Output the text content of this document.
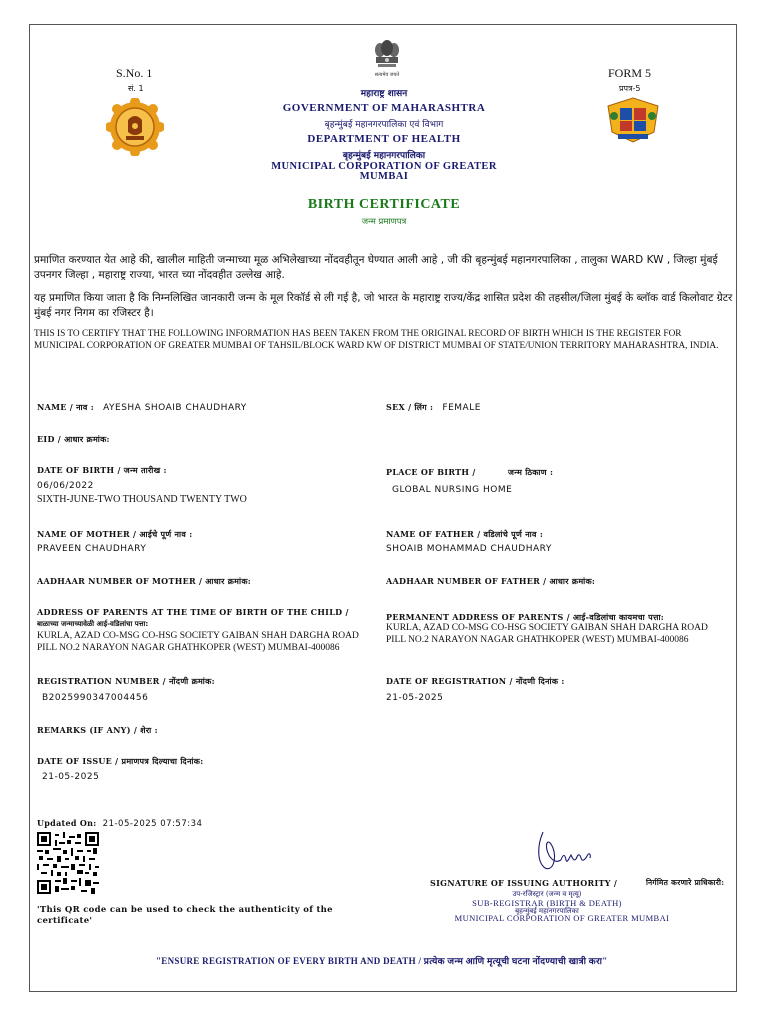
सत्यमेव जयते
S.No. 1
सं. 1
FORM 5
प्रपत्र-5
महाराष्ट्र शासन
GOVERNMENT OF MAHARASHTRA
बृहन्मुंबई महानगरपालिका एवं विभाग
DEPARTMENT OF HEALTH
बृहन्मुंबई महानगरपालिका
MUNICIPAL CORPORATION OF GREATER MUMBAI
BIRTH CERTIFICATE
जन्म प्रमाणपत्र
प्रमाणित करण्यात येत आहे की, खालील माहिती जन्माच्या मूळ अभिलेखाच्या नोंदवहीतून घेण्यात आली आहे , जी की बृहन्मुंबई महानगरपालिका , तालुका WARD KW , जिल्हा मुंबई उपनगर जिल्हा , महाराष्ट्र राज्या, भारत च्या नोंदवहीत उल्लेख आहे.
यह प्रमाणित किया जाता है कि निम्नलिखित जानकारी जन्म के मूल रिकॉर्ड से ली गई है, जो भारत के महाराष्ट्र राज्य/केंद्र शासित प्रदेश की तहसील/जिला मुंबई के ब्लॉक वार्ड किलोवाट ग्रेटर मुंबई नगर निगम का रजिस्टर है।
THIS IS TO CERTIFY THAT THE FOLLOWING INFORMATION HAS BEEN TAKEN FROM THE ORIGINAL RECORD OF BIRTH WHICH IS THE REGISTER FOR MUNICIPAL CORPORATION OF GREATER MUMBAI OF TAHSIL/BLOCK WARD KW OF DISTRICT MUMBAI OF STATE/UNION TERRITORY MAHARASHTRA, INDIA.
NAME / नाव : AYESHA SHOAIB CHAUDHARY	SEX / लिंग : FEMALE
EID / आधार क्रमांक:
DATE OF BIRTH / जन्म तारीख :
06/06/2022
SIXTH-JUNE-TWO THOUSAND TWENTY TWO
PLACE OF BIRTH /	जन्म ठिकाण :
GLOBAL NURSING HOME
NAME OF MOTHER / आईचे पूर्ण नाव :
PRAVEEN CHAUDHARY
NAME OF FATHER / वडिलांचे पूर्ण नाव :
SHOAIB MOHAMMAD CHAUDHARY
AADHAAR NUMBER OF MOTHER / आधार क्रमांक:	AADHAAR NUMBER OF FATHER / आधार क्रमांक:
ADDRESS OF PARENTS AT THE TIME OF BIRTH OF THE CHILD /
बाळाच्या जन्माच्यावेळी आई-वडिलांचा पत्ता:
KURLA, AZAD CO-MSG CO-HSG SOCIETY GAIBAN SHAH DARGHA ROAD PILL NO.2 NARAYON NAGAR GHATHKOPER (WEST) MUMBAI-400086
PERMANENT ADDRESS OF PARENTS / आई-वडिलांचा कायमचा पत्ता:
KURLA, AZAD CO-MSG CO-HSG SOCIETY GAIBAN SHAH DARGHA ROAD PILL NO.2 NARAYON NAGAR GHATHKOPER (WEST) MUMBAI-400086
REGISTRATION NUMBER / नोंदणी क्रमांक:
B2025990347004456
DATE OF REGISTRATION / नोंदणी दिनांक :
21-05-2025
REMARKS (IF ANY) / शेरा :
DATE OF ISSUE / प्रमाणपत्र दिल्याचा दिनांक:
21-05-2025
Updated On: 21-05-2025 07:57:34
'This QR code can be used to check the authenticity of the certificate'
SIGNATURE OF ISSUING AUTHORITY /	निर्गमित करणारे प्राधिकारी:
उप-रजिस्ट्रार (जन्म व मृत्यू)
SUB-REGISTRAR (BIRTH & DEATH)
बृहन्मुंबई महानगरपालिका
MUNICIPAL CORPORATION OF GREATER MUMBAI
"ENSURE REGISTRATION OF EVERY BIRTH AND DEATH / प्रत्येक जन्म आणि मृत्यूची घटना नोंदण्याची खात्री करा"
